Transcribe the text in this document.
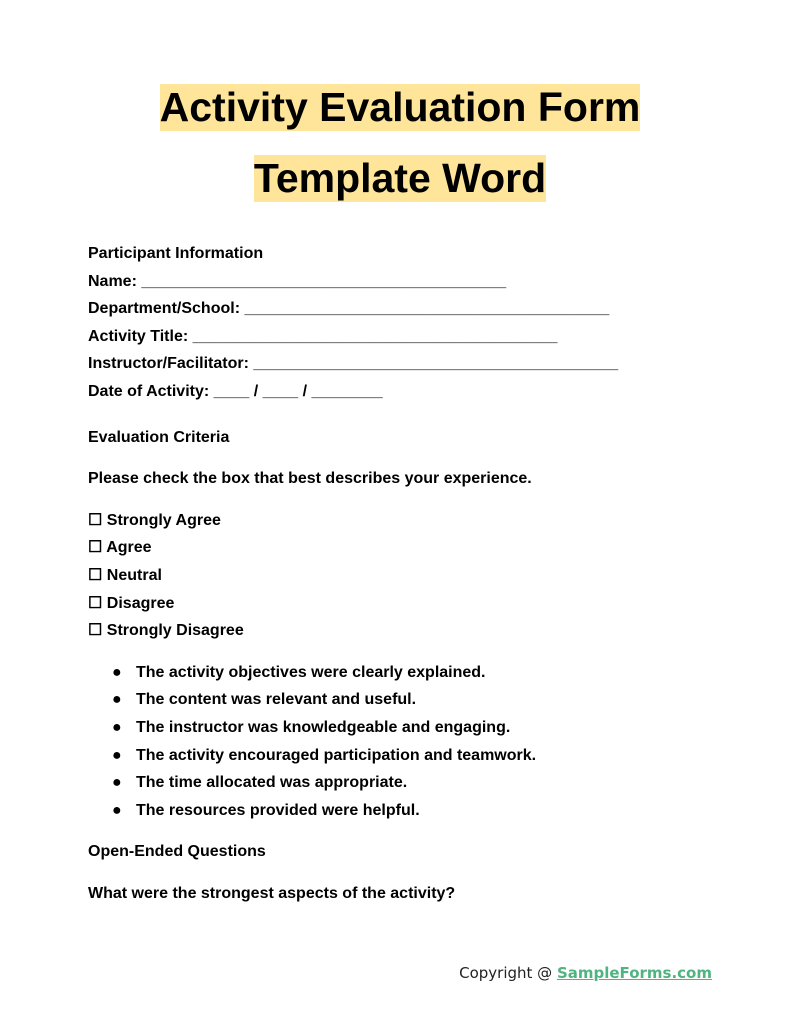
Activity Evaluation Form
Template Word
Participant Information
Name: _________________________________________
Department/School: _________________________________________
Activity Title: _________________________________________
Instructor/Facilitator: _________________________________________
Date of Activity: ____ / ____ / ________
Evaluation Criteria
Please check the box that best describes your experience.
☐ Strongly Agree
☐ Agree
☐ Neutral
☐ Disagree
☐ Strongly Disagree
● The activity objectives were clearly explained.
● The content was relevant and useful.
● The instructor was knowledgeable and engaging.
● The activity encouraged participation and teamwork.
● The time allocated was appropriate.
● The resources provided were helpful.
Open-Ended Questions
What were the strongest aspects of the activity?
Copyright @ SampleForms.com
